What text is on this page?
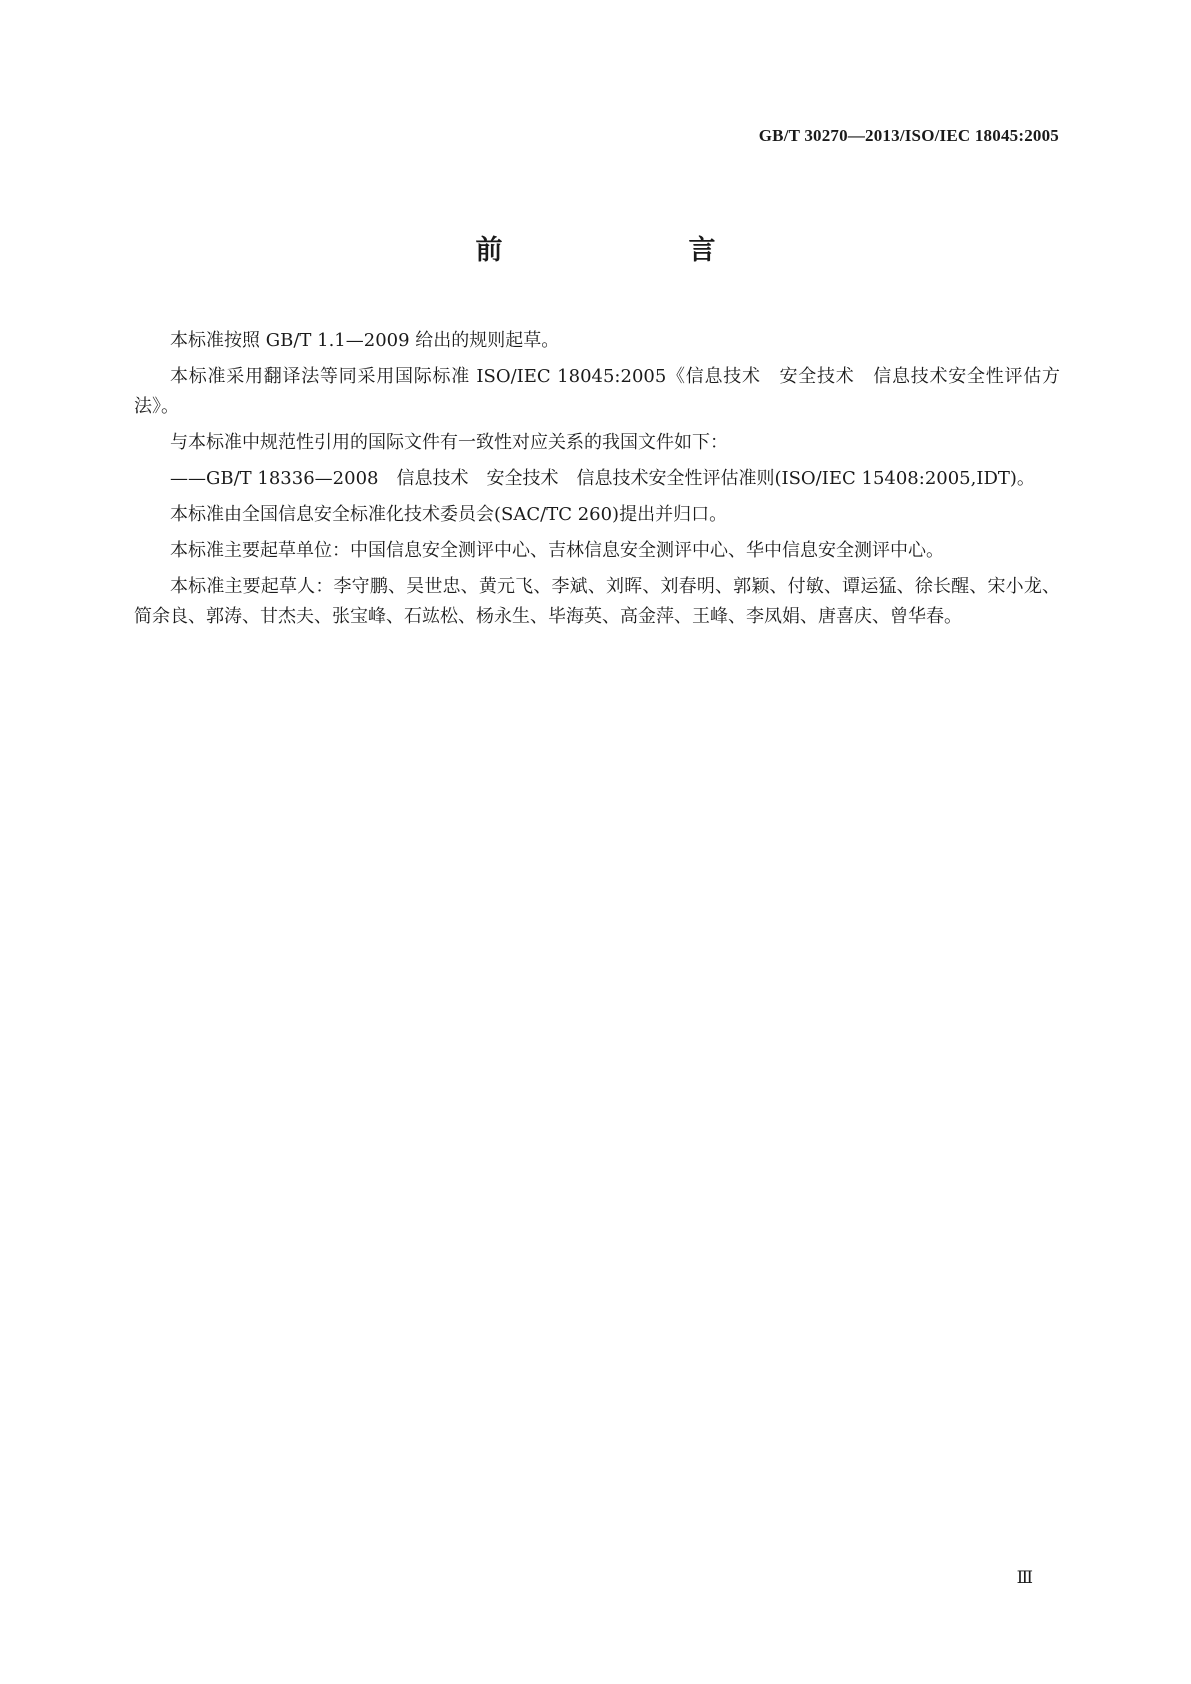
GB/T 30270—2013/ISO/IEC 18045:2005
前　　言

本标准按照 GB/T 1.1—2009 给出的规则起草。

本标准采用翻译法等同采用国际标准 ISO/IEC 18045:2005《信息技术　安全技术　信息技术安全性评估方法》。

与本标准中规范性引用的国际文件有一致性对应关系的我国文件如下：

——GB/T 18336—2008　信息技术　安全技术　信息技术安全性评估准则(ISO/IEC 15408:2005,IDT)。

本标准由全国信息安全标准化技术委员会(SAC/TC 260)提出并归口。

本标准主要起草单位：中国信息安全测评中心、吉林信息安全测评中心、华中信息安全测评中心。

本标准主要起草人：李守鹏、吴世忠、黄元飞、李斌、刘晖、刘春明、郭颖、付敏、谭运猛、徐长醒、宋小龙、简余良、郭涛、甘杰夫、张宝峰、石竑松、杨永生、毕海英、高金萍、王峰、李凤娟、唐喜庆、曾华春。

Ⅲ
